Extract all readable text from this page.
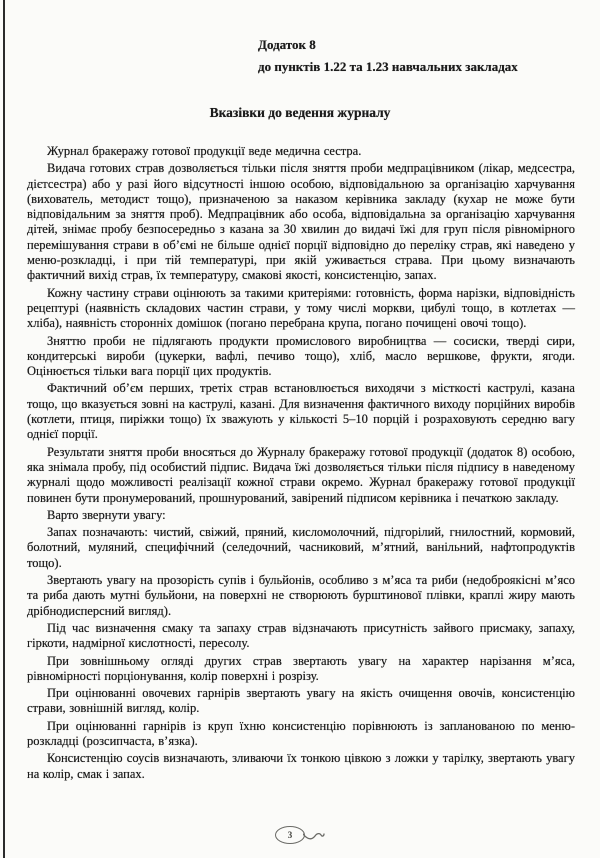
Додаток 8
до пунктів 1.22 та 1.23 навчальних закладах
Вказівки до ведення журналу

Журнал бракеражу готової продукції веде медична сестра.

Видача готових страв дозволяється тільки після зняття проби медпрацівником (лікар, медсестра, дієтсестра) або у разі його відсутності іншою особою, відповідальною за організацію харчування (вихователь, методист тощо), призначеною за наказом керівника закладу (кухар не може бути відповідальним за зняття проб). Медпрацівник або особа, відповідальна за організацію харчування дітей, знімає пробу безпосередньо з казана за 30 хвилин до видачі їжі для груп після рівномірного перемішування страви в об’ємі не більше однієї порції відповідно до переліку страв, які наведено у меню-розкладці, і при тій температурі, при якій уживається страва. При цьому визначають фактичний вихід страв, їх температуру, смакові якості, консистенцію, запах.

Кожну частину страви оцінюють за такими критеріями: готовність, форма нарізки, відповідність рецептурі (наявність складових частин страви, у тому числі моркви, цибулі тощо, в котлетах — хліба), наявність сторонніх домішок (погано перебрана крупа, погано почищені овочі тощо).

Зняттю проби не підлягають продукти промислового виробництва — сосиски, тверді сири, кондитерські вироби (цукерки, вафлі, печиво тощо), хліб, масло вершкове, фрукти, ягоди. Оцінюється тільки вага порції цих продуктів.

Фактичний об’єм перших, третіх страв встановлюється виходячи з місткості каструлі, казана тощо, що вказується зовні на каструлі, казані. Для визначення фактичного виходу порційних виробів (котлети, птиця, пиріжки тощо) їх зважують у кількості 5–10 порцій і розраховують середню вагу однієї порції.

Результати зняття проби вносяться до Журналу бракеражу готової продукції (додаток 8) особою, яка знімала пробу, під особистий підпис. Видача їжі дозволяється тільки після підпису в наведеному журналі щодо можливості реалізації кожної страви окремо. Журнал бракеражу готової продукції повинен бути пронумерований, прошнурований, завірений підписом керівника і печаткою закладу.

Варто звернути увагу:

Запах позначають: чистий, свіжий, пряний, кисломолочний, підгорілий, гнилостний, кормовий, болотний, муляний, специфічний (селедочний, часниковий, м’ятний, ванільний, нафтопродуктів тощо).

Звертають увагу на прозорість супів і бульйонів, особливо з м’яса та риби (недоброякісні м’ясо та риба дають мутні бульйони, на поверхні не створюють бурштинової плівки, краплі жиру мають дрібнодисперсний вигляд).

Під час визначення смаку та запаху страв відзначають присутність зайвого присмаку, запаху, гіркоти, надмірної кислотності, пересолу.

При зовнішньому огляді других страв звертають увагу на характер нарізання м’яса, рівномірності порціонування, колір поверхні і розрізу.

При оцінюванні овочевих гарнірів звертають увагу на якість очищення овочів, консистенцію страви, зовнішній вигляд, колір.

При оцінюванні гарнірів із круп їхню консистенцію порівнюють із запланованою по меню-розкладці (розсипчаста, в’язка).

Консистенцію соусів визначають, зливаючи їх тонкою цівкою з ложки у тарілку, звертають увагу на колір, смак і запах.

3
